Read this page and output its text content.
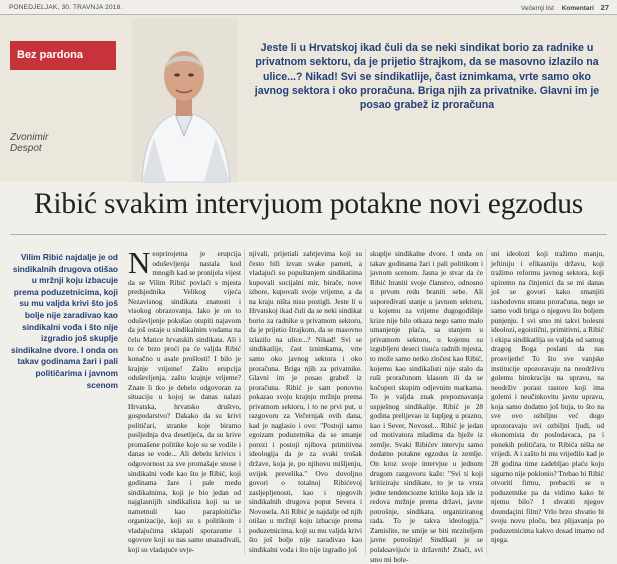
PONEDJELJAK, 30. TRAVNJA 2018.	Večernji list Komentari 27
Bez pardona
Zvonimir
Despot
Jeste li u Hrvatskoj ikad čuli da se neki sindikat borio za radnike u privatnom sektoru, da je prijetio štrajkom, da se masovno izlazilo na ulice...? Nikad! Svi se sindikatlije, čast iznimkama, vrte samo oko javnog sektora i oko proračuna. Briga njih za privatnike. Glavni im je posao grabež iz proračuna
Ribić svakim intervjuom potakne novi egzodus
Vilim Ribić najdalje je od sindikalnih drugova otišao u mržnji koju izbacuje prema poduzetnicima, koji su mu valjda krivi što još bolje nije zaradivao kao sindikalni vođa i što nije izgradio još skuplje sindikalne dvore. I onda on takav godinama žari i pali političarima i javnom scenom
Neoprirojetna je erupcija oduševljenja nastala kod mnogih kad se pronijela vijest da se Vilim Ribić povlači s mjesta predsjednika Velikog vijeća Nezavisnog sindikata znanosti i visokog obrazovanja. Iako je on to oduševljenje pokušao otupiti najavom da još ostaje u sindikalnim vodama na čelu Matice hrvatskih sindikata. Ali i to će brzo proći pa će valjda Ribić konačno u asale prošlosti! I bilo je krajnje vrijeme! Zašto erupcija oduševljenja, zašto krajnje vrijeme? Znate li tko je debelo odgovoran za situaciju u kojoj se danas nalazi Hrvatska, hrvatsko društvo, gospodarstvo? Dakako da su krivi političari, stranke koje biramo posljednja dva desetljeća, da su krive promašene politike koje su se vodile i danas se vode... Ali debelu krivicu i odgovornost za sve promašaje snose i sindikalni vođe kao što je Ribić, koji godinama žare i pale medu sindikalnima, koji je bio jedan od najglasnijih sindikalista koji su se nametnuli kao paraploitičke organizacije, koji su s politikom i vladajućima sklapali sporazume i ugovore koji su nas samo unazadivali, koji su vladajuće uvje-
njivali, prijetiali zahtjevima koji su često bili izvan svake pameti, a vladajući su popuštanjem sindikatima kupovali socijalni mir, birače, nove izbore, kupovali svoje vrijeme, a da na kraju ništa nisu postigli. Jeste li u Hrvatskoj ikad čuli da se neki sindikat borio za radnike u privatnom sektoru, da je prijetio štrajkom, da se masovno izlazilo na ulice...? Nikad! Svi se sindikatlije, čast iznimkama, vrte samo oko javnog sektora i oko proračuna. Briga njih za privatnike. Glavni im je posao grabež iz proračuna. Ribić je sam ponovno pokazao svoju krajnju mržnju prema privatnom sektoru, i to ne prvi put, u razgovoru za Večernjak ovih dana, kad je naglasio i ovo: "Postoji samo egoizam poduzetnika da se smanje porezi i postoji njihova primitivna ideologija da je za svaki trošak države, koja je, po njihovu mišljenju, uvijek prevelika." Ovo dovoljno govori o totalnoj Ribićevoj zasljepljenosti, kao i njegovih sindikalnih drugova poput Severa i Novosela. Ali Ribić je najdalje od njih otišao u mržnji koju izbacuje prema poduzetnicima, koji su mu valjda krivi što još bolje nije zaradivao kao sindikalni vođa i što nije izgradio još
skuplje sindikalne dvore. I onda on takav godinama žari i pali politikom i javnom scenom. Jasna je stvar da će Ribić braniti svoje članstvo, odnosno u prvom redu braniti sebe. Ali uspoređivati stanje u javnom sektoru, u kojemu za vrijeme dugogodišnje krize nije bilo otkaza nego samo malo umanjenje plaća, sa stanjem u privatnom sektoru, u kojemu su izgubljeni deseci tisuća radnih mjesta, to može samo netko zločest kao Ribić, kojemu kao sindikalisti nije stalo da ruši proračunom klasom ili da se kočoperi skupim odjevnim markama. To je valjda znak prepoznavanja uspješnog sindikalije. Ribić je 28 godina prelijevao iz šupljeg u prazno, kao i Sever, Novosel... Ribić je jedan od motivatora mladima da bježe iz zemlje. Svaki Ribićev intervju samo dodatno potakne egzodus iz zemlje. On kroz svoje intervjue u jednom drugom razgovoru kaže: "Svi ti koji kritiziraju sindikate, to je ta vrsta jedne tendenciozne kritike koja ide iz redova mržnje prema državi, javne potrošnje, sindikata, organiziranog rada. To je takva ideologija." Zamislite, ne smije se biti mrziteljem javne potrošnje! Sindikati je se polaksavijuće iz državnih! Znači, svi smo mi bole-
sni ideolozi koji tražimo manju, jeftiniju i efikasniju državu, koji tražimo reformu javnog sektora, koji upiremo na činjenici da se mi danas još se govori kako smanjiti rashodovnu stranu proračuna, nego se samo vodi briga o njegovu što boljem punjenju. I svi smo mi takvi bolesni ideolozi, egoistični, primitivni, a Ribić i ekipa sindikatlija su valjda od samog dragog Boga poslani da nas prosvijetle! To što sve vanjske institucije upozoravaju na neodrživu golemu birokraciju na upravu, na neodrživ porast rastore koji ima golemi i neučinkovitu javnu upravu, koja samo dodatno još buja, to što na sve ovo ozbiljno već dugo upozoravaju svi ozbiljni ljudi, od ekonomista do poslodavaca, pa i ponekih političara, to Ribića ništa ne vrijedi. A i zašto bi mu vrijedilo kad je 28 godina time zadebljao plaću koju sigurno nije poklonio? Trebao bi Ribić otvoriti firmu, prebaciti se u poduzetnike pa da vidimo kako bi njemu bilo? I shvatiti njegov doundaçini film? Vrlo brzo shvatio bi svoju novu ploču, bez plijavanja po poduzetnicima kakvo dosad imamo od njega.
